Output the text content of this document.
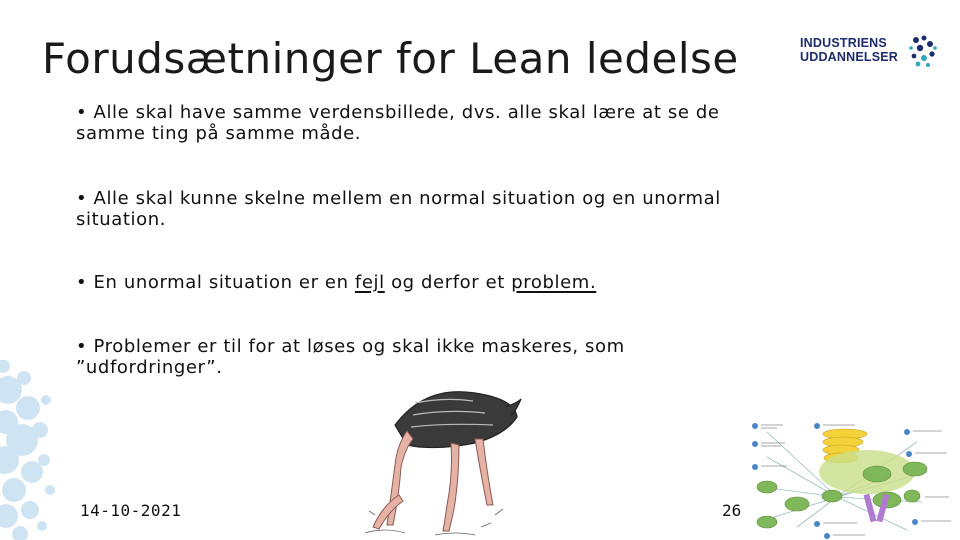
Forudsætninger for Lean ledelse	INDUSTRIENS
UDDANNELSER
• Alle skal have samme verdensbillede, dvs. alle skal lære at se de
samme ting på samme måde.
• Alle skal kunne skelne mellem en normal situation og en unormal
situation.
• En unormal situation er en fejl og derfor et problem.
• Problemer er til for at løses og skal ikke maskeres, som
”udfordringer”.
14-10-2021	26
